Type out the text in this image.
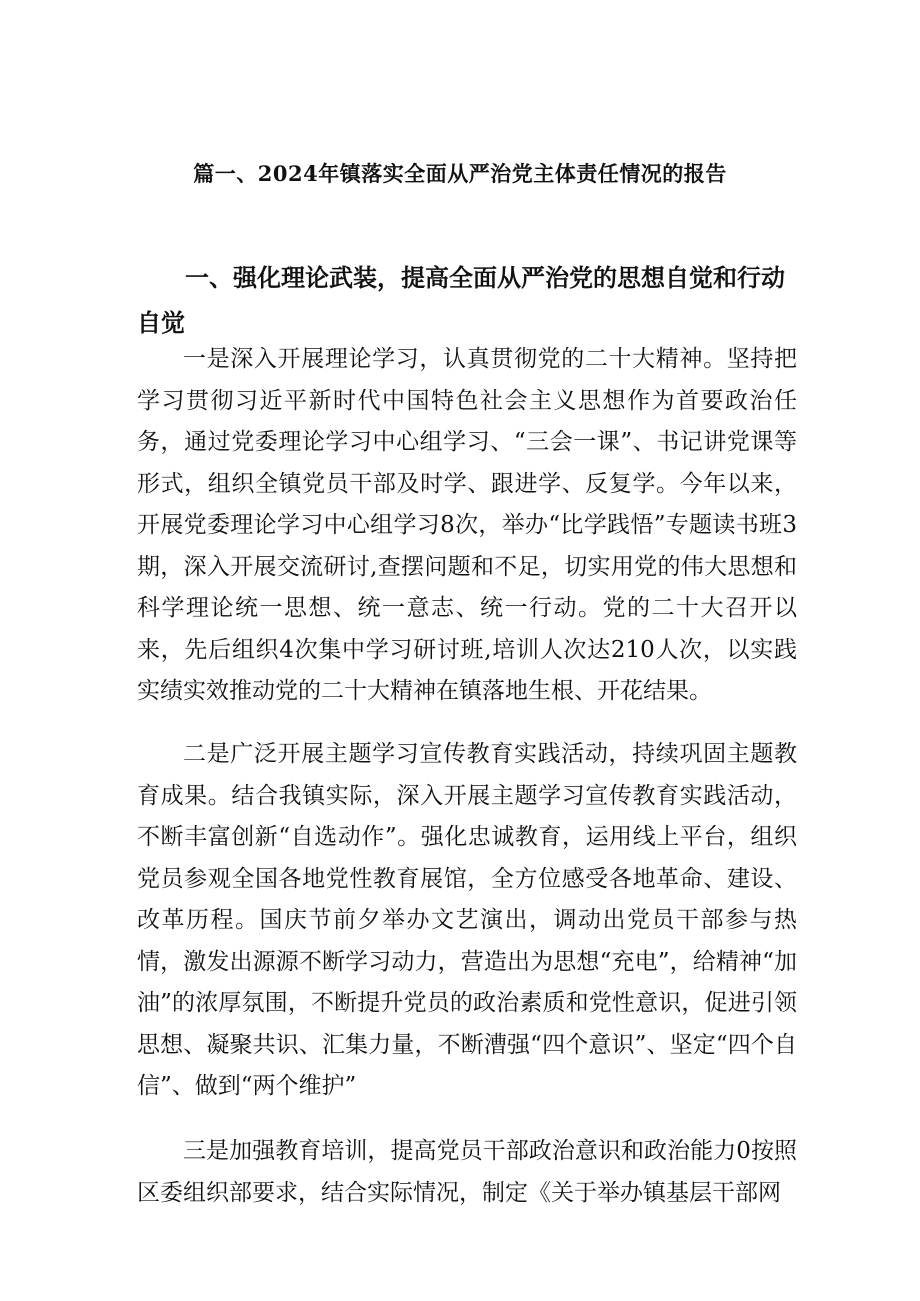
篇一、2024年镇落实全面从严治党主体责任情况的报告

一、强化理论武装，提高全面从严治党的思想自觉和行动自觉

一是深入开展理论学习，认真贯彻党的二十大精神。坚持把学习贯彻习近平新时代中国特色社会主义思想作为首要政治任务，通过党委理论学习中心组学习、“三会一课”、书记讲党课等形式，组织全镇党员干部及时学、跟进学、反复学。今年以来，开展党委理论学习中心组学习8次，举办“比学践悟”专题读书班3期，深入开展交流研讨,查摆问题和不足，切实用党的伟大思想和科学理论统一思想、统一意志、统一行动。党的二十大召开以来，先后组织4次集中学习研讨班,培训人次达210人次，以实践实绩实效推动党的二十大精神在镇落地生根、开花结果。

二是广泛开展主题学习宣传教育实践活动，持续巩固主题教育成果。结合我镇实际，深入开展主题学习宣传教育实践活动，不断丰富创新“自选动作”。强化忠诚教育，运用线上平台，组织党员参观全国各地党性教育展馆，全方位感受各地革命、建设、改革历程。国庆节前夕举办文艺演出，调动出党员干部参与热情，激发出源源不断学习动力，营造出为思想“充电”，给精神“加油”的浓厚氛围，不断提升党员的政治素质和党性意识，促进引领思想、凝聚共识、汇集力量，不断漕强“四个意识”、坚定“四个自信”、做到“两个维护”

三是加强教育培训，提高党员干部政治意识和政治能力0按照区委组织部要求，结合实际情况，制定《关于举办镇基层干部网
